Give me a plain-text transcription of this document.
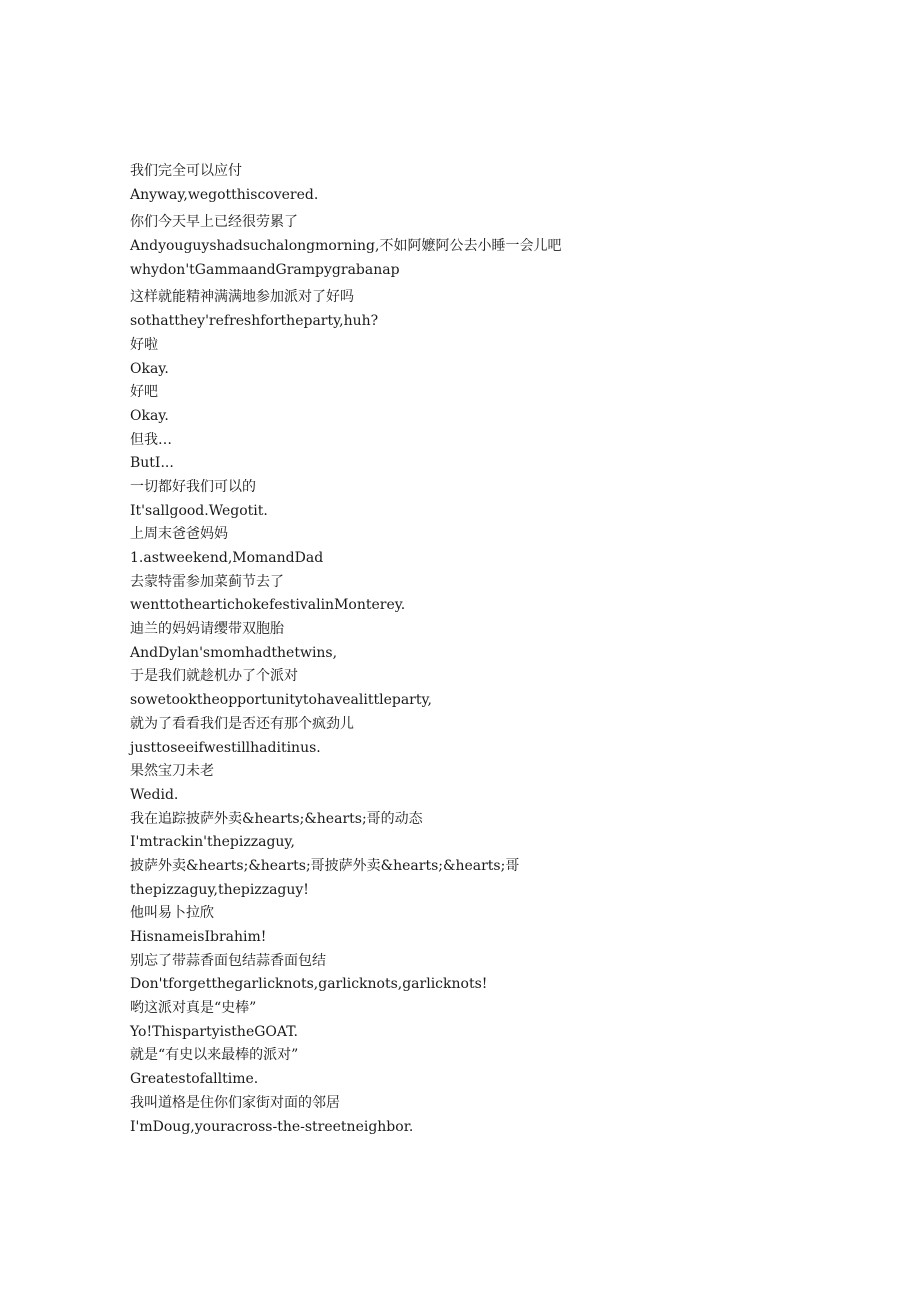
我们完全可以应付
Anyway,wegotthiscovered.
你们今天早上已经很劳累了
Andyouguyshadsuchalongmorning,不如阿嬷阿公去小睡一会儿吧
whydon'tGammaandGrampygrabanap
这样就能精神满满地参加派对了好吗
sothatthey'refreshfortheparty,huh?
好啦
Okay.
好吧
Okay.
但我…
ButI...
一切都好我们可以的
It'sallgood.Wegotit.
上周末爸爸妈妈
1.astweekend,MomandDad
去蒙特雷参加菜蓟节去了
wenttotheartichokefestivalinMonterey.
迪兰的妈妈请缨带双胞胎
AndDylan'smomhadthetwins,
于是我们就趁机办了个派对
sowetooktheopportunitytohavealittleparty,
就为了看看我们是否还有那个疯劲儿
justtoseeifwestillhaditinus.
果然宝刀未老
Wedid.
我在追踪披萨外卖&hearts;&hearts;哥的动态
I'mtrackin'thepizzaguy,
披萨外卖&hearts;&hearts;哥披萨外卖&hearts;&hearts;哥
thepizzaguy,thepizzaguy!
他叫易卜拉欣
HisnameisIbrahim!
别忘了带蒜香面包结蒜香面包结
Don'tforgetthegarlicknots,garlicknots,garlicknots!
哟这派对真是“史棒”
Yo!ThispartyistheGOAT.
就是“有史以来最棒的派对”
Greatestofalltime.
我叫道格是住你们家街对面的邻居
I'mDoug,youracross-the-streetneighbor.
